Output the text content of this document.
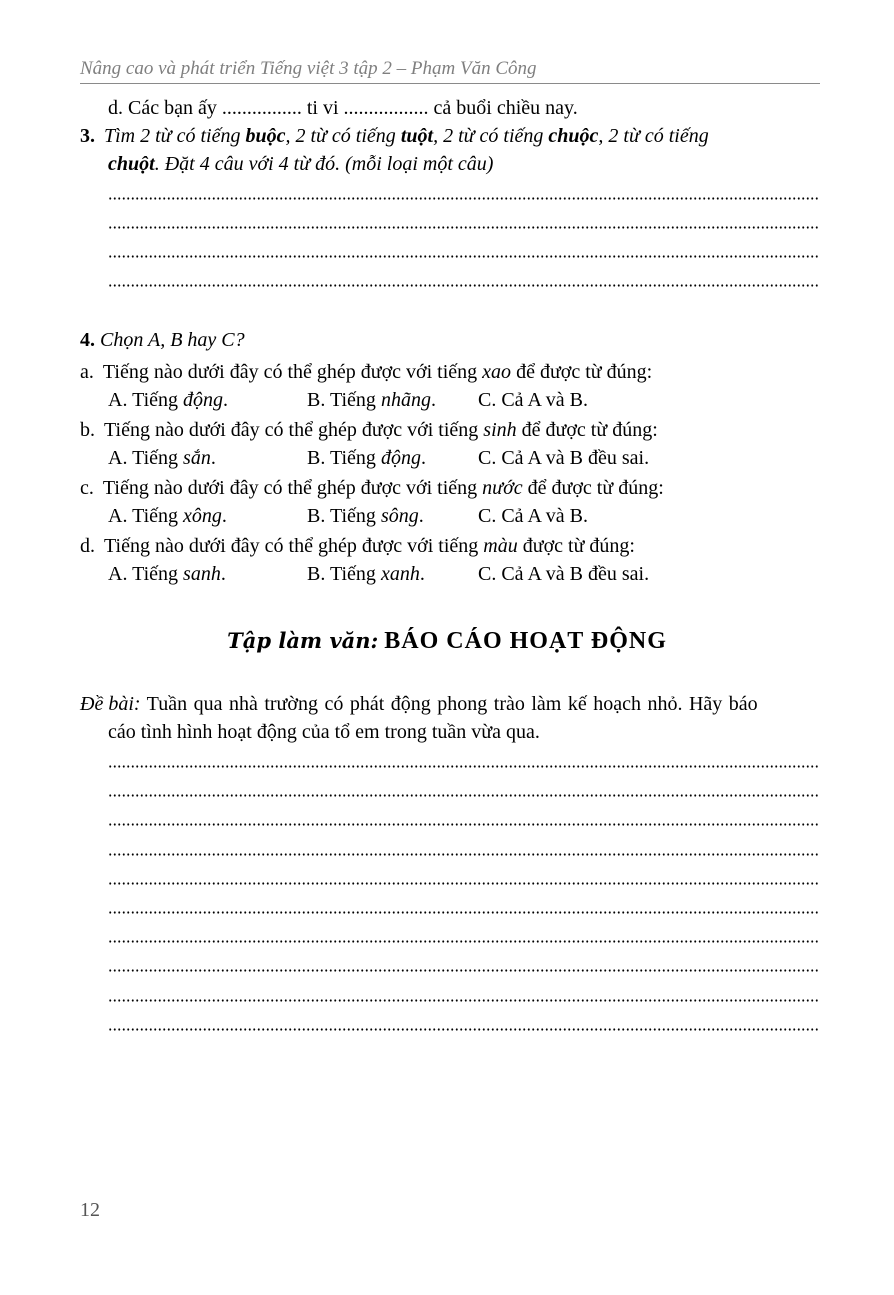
Nâng cao và phát triển Tiếng việt 3 tập 2 – Phạm Văn Công
d. Các bạn ấy ................ ti vi ................. cả buổi chiều nay.
3. Tìm 2 từ có tiếng buộc, 2 từ có tiếng tuột, 2 từ có tiếng chuộc, 2 từ có tiếng
chuột. Đặt 4 câu với 4 từ đó. (mỗi loại một câu)
4. Chọn A, B hay C?
a. Tiếng nào dưới đây có thể ghép được với tiếng xao để được từ đúng:
A. Tiếng động.	B. Tiếng nhãng. C. Cả A và B.
b. Tiếng nào dưới đây có thể ghép được với tiếng sinh để được từ đúng:
A. Tiếng sắn.	B. Tiếng động.	C. Cả A và B đều sai.
c. Tiếng nào dưới đây có thể ghép được với tiếng nước để được từ đúng:
A. Tiếng xông.	B. Tiếng sông.	C. Cả A và B.
d. Tiếng nào dưới đây có thể ghép được với tiếng màu được từ đúng:
A. Tiếng sanh.	B. Tiếng xanh.	C. Cả A và B đều sai.
Tập làm văn: BÁO CÁO HOẠT ĐỘNG
Đề bài: Tuần qua nhà trường có phát động phong trào làm kế hoạch nhỏ. Hãy báo
cáo tình hình hoạt động của tổ em trong tuần vừa qua.
12
